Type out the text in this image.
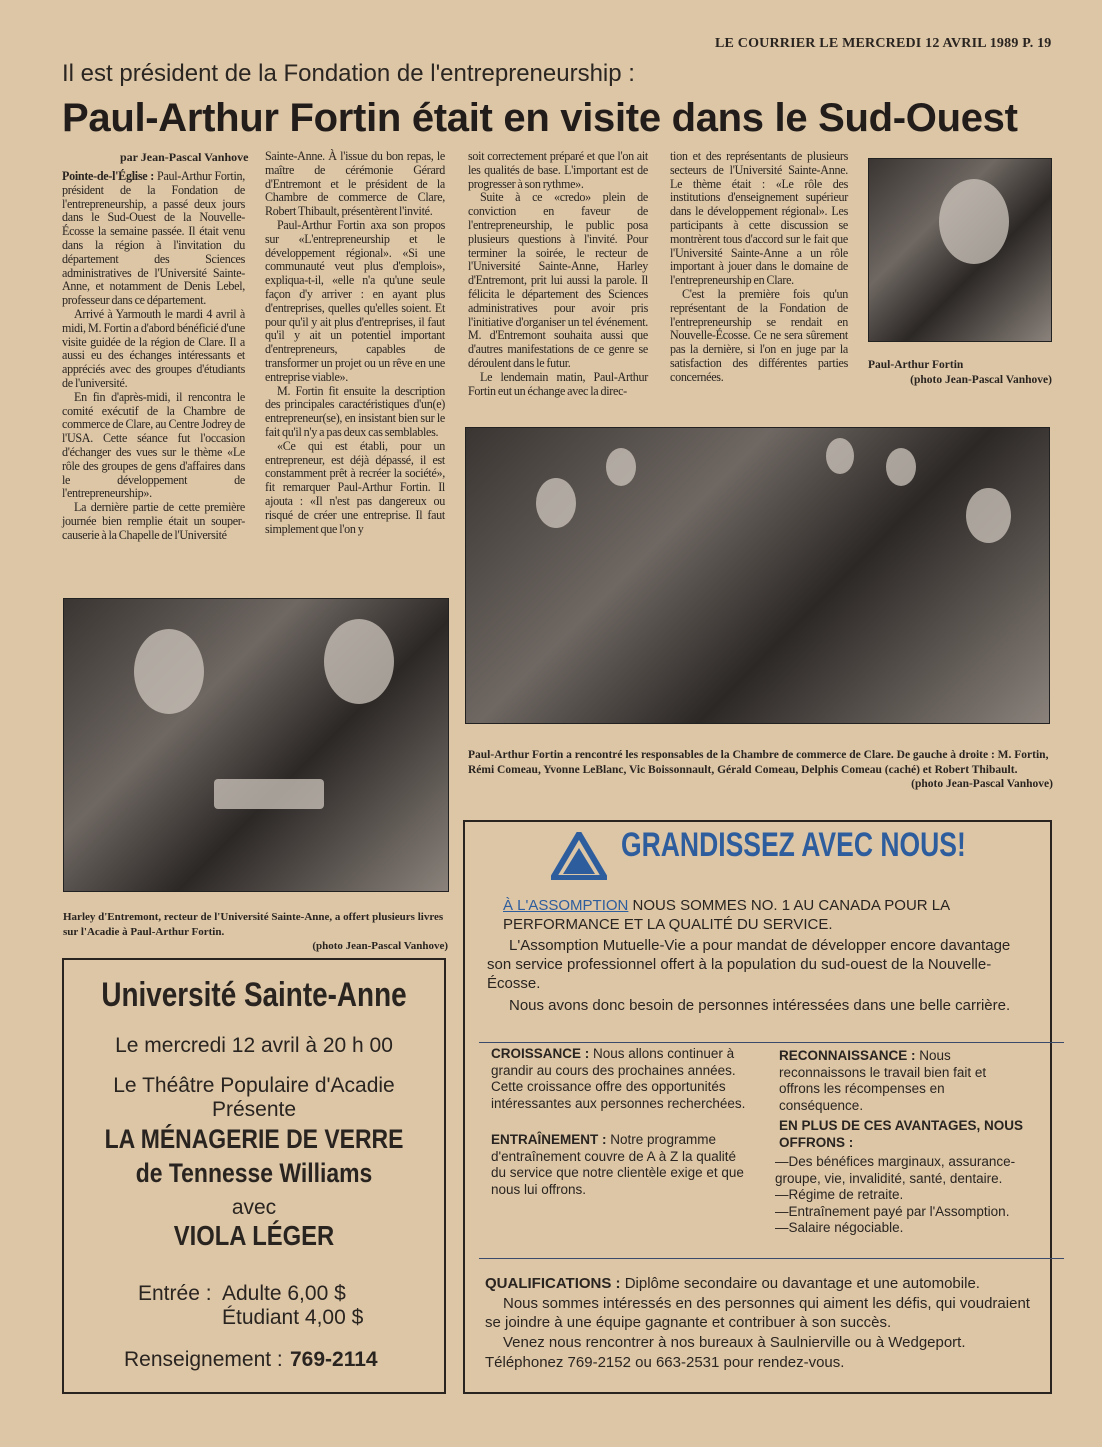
LE COURRIER LE MERCREDI 12 AVRIL 1989 P. 19
Il est président de la Fondation de l'entrepreneurship :
Paul-Arthur Fortin était en visite dans le Sud-Ouest
par Jean-Pascal Vanhove

Pointe-de-l'Église : Paul-Arthur Fortin, président de la Fondation de l'entrepreneurship, a passé deux jours dans le Sud-Ouest de la Nouvelle-Écosse la semaine passée. Il était venu dans la région à l'invitation du département des Sciences administratives de l'Université Sainte-Anne, et notamment de Denis Lebel, professeur dans ce département.

Arrivé à Yarmouth le mardi 4 avril à midi, M. Fortin a d'abord bénéficié d'une visite guidée de la région de Clare. Il a aussi eu des échanges intéressants et appréciés avec des groupes d'étudiants de l'université.

En fin d'après-midi, il rencontra le comité exécutif de la Chambre de commerce de Clare, au Centre Jodrey de l'USA. Cette séance fut l'occasion d'échanger des vues sur le thème «Le rôle des groupes de gens d'affaires dans le développement de l'entrepreneurship».

La dernière partie de cette première journée bien remplie était un souper-causerie à la Chapelle de l'Université

Sainte-Anne. À l'issue du bon repas, le maître de cérémonie Gérard d'Entremont et le président de la Chambre de commerce de Clare, Robert Thibault, présentèrent l'invité.

Paul-Arthur Fortin axa son propos sur «L'entrepreneurship et le développement régional». «Si une communauté veut plus d'emplois», expliqua-t-il, «elle n'a qu'une seule façon d'y arriver : en ayant plus d'entreprises, quelles qu'elles soient. Et pour qu'il y ait plus d'entreprises, il faut qu'il y ait un potentiel important d'entrepreneurs, capables de transformer un projet ou un rêve en une entreprise viable».

M. Fortin fit ensuite la description des principales caractéristiques d'un(e) entrepreneur(se), en insistant bien sur le fait qu'il n'y a pas deux cas semblables.

«Ce qui est établi, pour un entrepreneur, est déjà dépassé, il est constamment prêt à recréer la société», fit remarquer Paul-Arthur Fortin. Il ajouta : «Il n'est pas dangereux ou risqué de créer une entreprise. Il faut simplement que l'on y

soit correctement préparé et que l'on ait les qualités de base. L'important est de progresser à son rythme».

Suite à ce «credo» plein de conviction en faveur de l'entrepreneurship, le public posa plusieurs questions à l'invité. Pour terminer la soirée, le recteur de l'Université Sainte-Anne, Harley d'Entremont, prit lui aussi la parole. Il félicita le département des Sciences administratives pour avoir pris l'initiative d'organiser un tel événement. M. d'Entremont souhaita aussi que d'autres manifestations de ce genre se déroulent dans le futur.

Le lendemain matin, Paul-Arthur Fortin eut un échange avec la direc-

tion et des représentants de plusieurs secteurs de l'Université Sainte-Anne. Le thème était : «Le rôle des institutions d'enseignement supérieur dans le développement régional». Les participants à cette discussion se montrèrent tous d'accord sur le fait que l'Université Sainte-Anne a un rôle important à jouer dans le domaine de l'entrepreneurship en Clare.

C'est la première fois qu'un représentant de la Fondation de l'entrepreneurship se rendait en Nouvelle-Écosse. Ce ne sera sûrement pas la dernière, si l'on en juge par la satisfaction des différentes parties concernées.

Paul-Arthur Fortin
(photo Jean-Pascal Vanhove)
Paul-Arthur Fortin a rencontré les responsables de la Chambre de commerce de Clare. De gauche à droite : M. Fortin, Rémi Comeau, Yvonne LeBlanc, Vic Boissonnault, Gérald Comeau, Delphis Comeau (caché) et Robert Thibault.
(photo Jean-Pascal Vanhove)
Harley d'Entremont, recteur de l'Université Sainte-Anne, a offert plusieurs livres sur l'Acadie à Paul-Arthur Fortin.
(photo Jean-Pascal Vanhove)
Université Sainte-Anne
Le mercredi 12 avril à 20 h 00
Le Théâtre Populaire d'Acadie
Présente
LA MÉNAGERIE DE VERRE
de Tennesse Williams
avec
VIOLA LÉGER
Entrée : Adulte 6,00 $
Étudiant 4,00 $
Renseignement : 769-2114
GRANDISSEZ AVEC NOUS!
À L'ASSOMPTION NOUS SOMMES NO. 1 AU CANADA POUR LA PERFORMANCE ET LA QUALITÉ DU SERVICE.
L'Assomption Mutuelle-Vie a pour mandat de développer encore davantage son service professionnel offert à la population du sud-ouest de la Nouvelle-Écosse.
Nous avons donc besoin de personnes intéressées dans une belle carrière.
CROISSANCE : Nous allons continuer à grandir au cours des prochaines années. Cette croissance offre des opportunités intéressantes aux personnes recherchées.
ENTRAÎNEMENT : Notre programme d'entraînement couvre de A à Z la qualité du service que notre clientèle exige et que nous lui offrons.
RECONNAISSANCE : Nous reconnaissons le travail bien fait et offrons les récompenses en conséquence.
EN PLUS DE CES AVANTAGES, NOUS OFFRONS :
—Des bénéfices marginaux, assurance-groupe, vie, invalidité, santé, dentaire.
—Régime de retraite.
—Entraînement payé par l'Assomption.
—Salaire négociable.
QUALIFICATIONS : Diplôme secondaire ou davantage et une automobile.
Nous sommes intéressés en des personnes qui aiment les défis, qui voudraient se joindre à une équipe gagnante et contribuer à son succès.
Venez nous rencontrer à nos bureaux à Saulnierville ou à Wedgeport.
Téléphonez 769-2152 ou 663-2531 pour rendez-vous.
